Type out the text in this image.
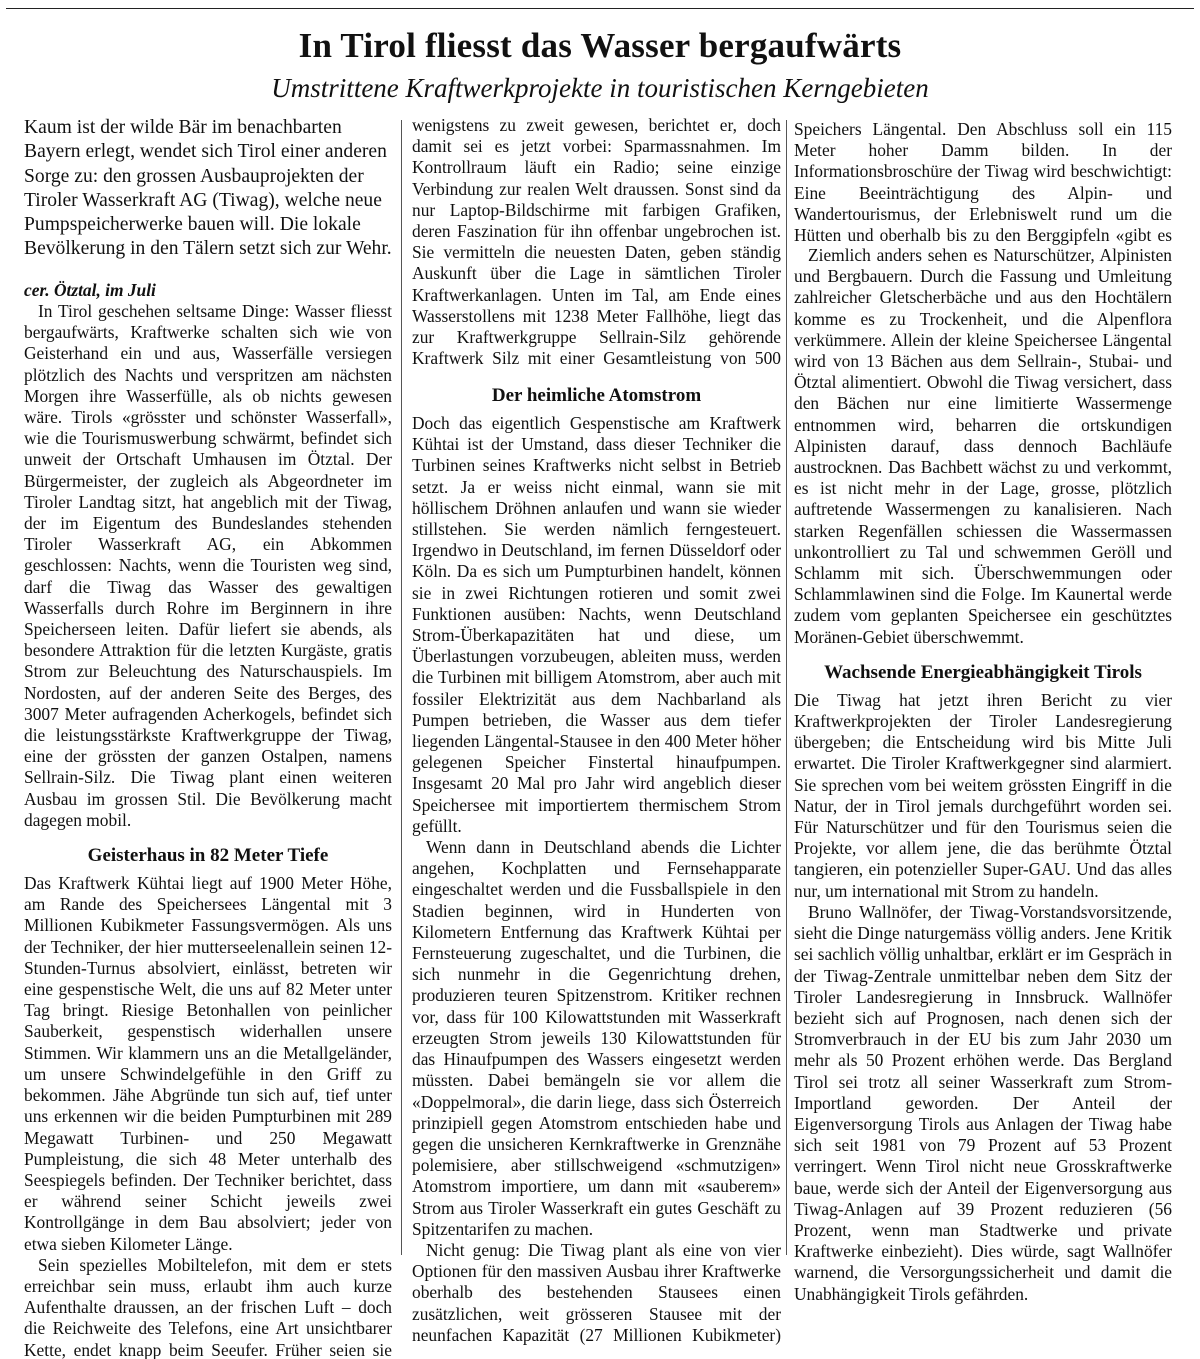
In Tirol fliesst das Wasser bergaufwärts
Umstrittene Kraftwerkprojekte in touristischen Kerngebieten

Kaum ist der wilde Bär im benachbarten Bayern erlegt, wendet sich Tirol einer anderen Sorge zu: den grossen Ausbauprojekten der Tiroler Wasserkraft AG (Tiwag), welche neue Pumpspeicherwerke bauen will. Die lokale Bevölkerung in den Tälern setzt sich zur Wehr.

cer. Ötztal, im Juli

In Tirol geschehen seltsame Dinge: Wasser fliesst bergaufwärts, Kraftwerke schalten sich wie von Geisterhand ein und aus, Wasserfälle versiegen plötzlich des Nachts und verspritzen am nächsten Morgen ihre Wasserfülle, als ob nichts gewesen wäre. Tirols «grösster und schönster Wasserfall», wie die Tourismuswerbung schwärmt, befindet sich unweit der Ortschaft Umhausen im Ötztal. Der Bürgermeister, der zugleich als Abgeordneter im Tiroler Landtag sitzt, hat angeblich mit der Tiwag, der im Eigentum des Bundeslandes stehenden Tiroler Wasserkraft AG, ein Abkommen geschlossen: Nachts, wenn die Touristen weg sind, darf die Tiwag das Wasser des gewaltigen Wasserfalls durch Rohre im Berginnern in ihre Speicherseen leiten. Dafür liefert sie abends, als besondere Attraktion für die letzten Kurgäste, gratis Strom zur Beleuchtung des Naturschauspiels. Im Nordosten, auf der anderen Seite des Berges, des 3007 Meter aufragenden Acherkogels, befindet sich die leistungsstärkste Kraftwerkgruppe der Tiwag, eine der grössten der ganzen Ostalpen, namens Sellrain-Silz. Die Tiwag plant einen weiteren Ausbau im grossen Stil. Die Bevölkerung macht dagegen mobil.

Geisterhaus in 82 Meter Tiefe

Das Kraftwerk Kühtai liegt auf 1900 Meter Höhe, am Rande des Speichersees Längental mit 3 Millionen Kubikmeter Fassungsvermögen. Als uns der Techniker, der hier mutterseelenallein seinen 12-Stunden-Turnus absolviert, einlässt, betreten wir eine gespenstische Welt, die uns auf 82 Meter unter Tag bringt. Riesige Betonhallen von peinlicher Sauberkeit, gespenstisch widerhallen unsere Stimmen. Wir klammern uns an die Metallgeländer, um unsere Schwindelgefühle in den Griff zu bekommen. Jähe Abgründe tun sich auf, tief unter uns erkennen wir die beiden Pumpturbinen mit 289 Megawatt Turbinen- und 250 Megawatt Pumpleistung, die sich 48 Meter unterhalb des Seespiegels befinden. Der Techniker berichtet, dass er während seiner Schicht jeweils zwei Kontrollgänge in dem Bau absolviert; jeder von etwa sieben Kilometer Länge.

Sein spezielles Mobiltelefon, mit dem er stets erreichbar sein muss, erlaubt ihm auch kurze Aufenthalte draussen, an der frischen Luft – doch die Reichweite des Telefons, eine Art unsichtbarer Kette, endet knapp beim Seeufer. Früher seien sie

wenigstens zu zweit gewesen, berichtet er, doch damit sei es jetzt vorbei: Sparmassnahmen. Im Kontrollraum läuft ein Radio; seine einzige Verbindung zur realen Welt draussen. Sonst sind da nur Laptop-Bildschirme mit farbigen Grafiken, deren Faszination für ihn offenbar ungebrochen ist. Sie vermitteln die neuesten Daten, geben ständig Auskunft über die Lage in sämtlichen Tiroler Kraftwerkanlagen. Unten im Tal, am Ende eines Wasserstollens mit 1238 Meter Fallhöhe, liegt das zur Kraftwerkgruppe Sellrain-Silz gehörende Kraftwerk Silz mit einer Gesamtleistung von 500

Der heimliche Atomstrom

Doch das eigentlich Gespenstische am Kraftwerk Kühtai ist der Umstand, dass dieser Techniker die Turbinen seines Kraftwerks nicht selbst in Betrieb setzt. Ja er weiss nicht einmal, wann sie mit höllischem Dröhnen anlaufen und wann sie wieder stillstehen. Sie werden nämlich ferngesteuert. Irgendwo in Deutschland, im fernen Düsseldorf oder Köln. Da es sich um Pumpturbinen handelt, können sie in zwei Richtungen rotieren und somit zwei Funktionen ausüben: Nachts, wenn Deutschland Strom-Überkapazitäten hat und diese, um Überlastungen vorzubeugen, ableiten muss, werden die Turbinen mit billigem Atomstrom, aber auch mit fossiler Elektrizität aus dem Nachbarland als Pumpen betrieben, die Wasser aus dem tiefer liegenden Längental-Stausee in den 400 Meter höher gelegenen Speicher Finstertal hinaufpumpen. Insgesamt 20 Mal pro Jahr wird angeblich dieser Speichersee mit importiertem thermischem Strom gefüllt.

Wenn dann in Deutschland abends die Lichter angehen, Kochplatten und Fernsehapparate eingeschaltet werden und die Fussballspiele in den Stadien beginnen, wird in Hunderten von Kilometern Entfernung das Kraftwerk Kühtai per Fernsteuerung zugeschaltet, und die Turbinen, die sich nunmehr in die Gegenrichtung drehen, produzieren teuren Spitzenstrom. Kritiker rechnen vor, dass für 100 Kilowattstunden mit Wasserkraft erzeugten Strom jeweils 130 Kilowattstunden für das Hinaufpumpen des Wassers eingesetzt werden müssten. Dabei bemängeln sie vor allem die «Doppelmoral», die darin liege, dass sich Österreich prinzipiell gegen Atomstrom entschieden habe und gegen die unsicheren Kernkraftwerke in Grenznähe polemisiere, aber stillschweigend «schmutzigen» Atomstrom importiere, um dann mit «sauberem» Strom aus Tiroler Wasserkraft ein gutes Geschäft zu Spitzentarifen zu machen.

Nicht genug: Die Tiwag plant als eine von vier Optionen für den massiven Ausbau ihrer Kraftwerke oberhalb des bestehenden Stausees einen zusätzlichen, weit grösseren Stausee mit der neunfachen Kapazität (27 Millionen Kubikmeter)

Speichers Längental. Den Abschluss soll ein 115 Meter hoher Damm bilden. In der Informationsbroschüre der Tiwag wird beschwichtigt: Eine Beeinträchtigung des Alpin- und Wandertourismus, der Erlebniswelt rund um die Hütten und oberhalb bis zu den Berggipfeln «gibt es

Ziemlich anders sehen es Naturschützer, Alpinisten und Bergbauern. Durch die Fassung und Umleitung zahlreicher Gletscherbäche und aus den Hochtälern komme es zu Trockenheit, und die Alpenflora verkümmere. Allein der kleine Speichersee Längental wird von 13 Bächen aus dem Sellrain-, Stubai- und Ötztal alimentiert. Obwohl die Tiwag versichert, dass den Bächen nur eine limitierte Wassermenge entnommen wird, beharren die ortskundigen Alpinisten darauf, dass dennoch Bachläufe austrocknen. Das Bachbett wächst zu und verkommt, es ist nicht mehr in der Lage, grosse, plötzlich auftretende Wassermengen zu kanalisieren. Nach starken Regenfällen schiessen die Wassermassen unkontrolliert zu Tal und schwemmen Geröll und Schlamm mit sich. Überschwemmungen oder Schlammlawinen sind die Folge. Im Kaunertal werde zudem vom geplanten Speichersee ein geschütztes Moränen-Gebiet überschwemmt.

Wachsende Energieabhängigkeit Tirols

Die Tiwag hat jetzt ihren Bericht zu vier Kraftwerkprojekten der Tiroler Landesregierung übergeben; die Entscheidung wird bis Mitte Juli erwartet. Die Tiroler Kraftwerkgegner sind alarmiert. Sie sprechen vom bei weitem grössten Eingriff in die Natur, der in Tirol jemals durchgeführt worden sei. Für Naturschützer und für den Tourismus seien die Projekte, vor allem jene, die das berühmte Ötztal tangieren, ein potenzieller Super-GAU. Und das alles nur, um international mit Strom zu handeln.

Bruno Wallnöfer, der Tiwag-Vorstandsvorsitzende, sieht die Dinge naturgemäss völlig anders. Jene Kritik sei sachlich völlig unhaltbar, erklärt er im Gespräch in der Tiwag-Zentrale unmittelbar neben dem Sitz der Tiroler Landesregierung in Innsbruck. Wallnöfer bezieht sich auf Prognosen, nach denen sich der Stromverbrauch in der EU bis zum Jahr 2030 um mehr als 50 Prozent erhöhen werde. Das Bergland Tirol sei trotz all seiner Wasserkraft zum Strom-Importland geworden. Der Anteil der Eigenversorgung Tirols aus Anlagen der Tiwag habe sich seit 1981 von 79 Prozent auf 53 Prozent verringert. Wenn Tirol nicht neue Grosskraftwerke baue, werde sich der Anteil der Eigenversorgung aus Tiwag-Anlagen auf 39 Prozent reduzieren (56 Prozent, wenn man Stadtwerke und private Kraftwerke einbezieht). Dies würde, sagt Wallnöfer warnend, die Versorgungssicherheit und damit die Unabhängigkeit Tirols gefährden.
